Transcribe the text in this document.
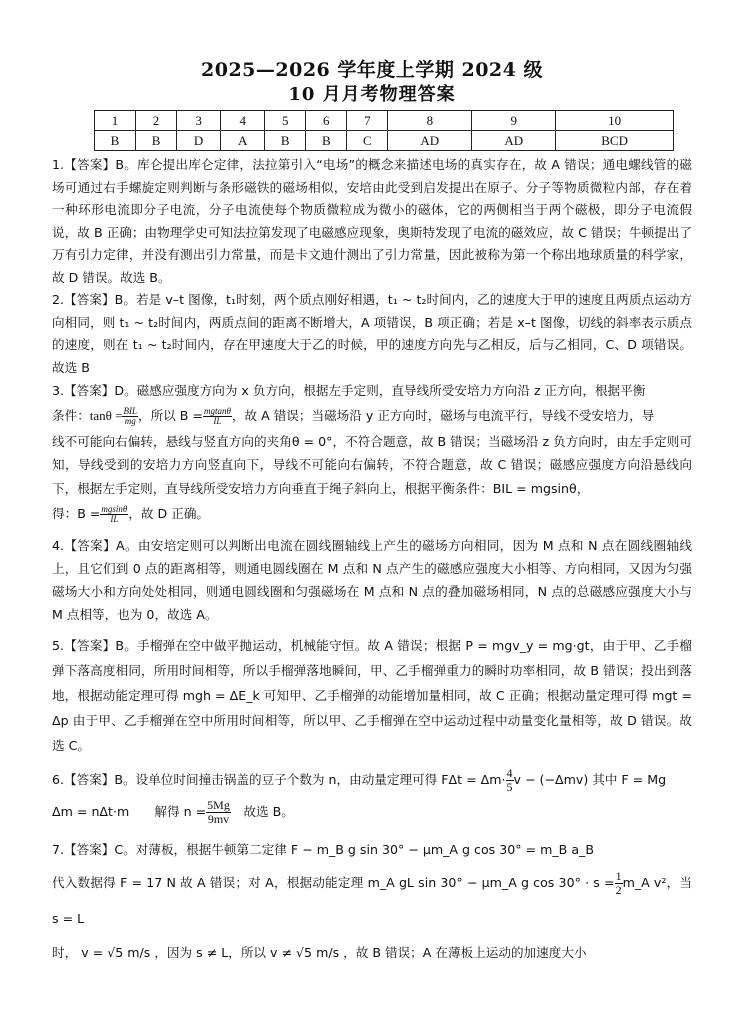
2025—2026 学年度上学期 2024 级

10 月月考物理答案

1	2	3	4	5	6	7	8	9	10
B	B	D	A	B	B	C	AD	AD	BCD

1.【答案】B。库仑提出库仑定律，法拉第引入“电场”的概念来描述电场的真实存在，故 A 错误；通电螺线管的磁场可通过右手螺旋定则判断与条形磁铁的磁场相似，安培由此受到启发提出在原子、分子等物质微粒内部，存在着一种环形电流即分子电流，分子电流使每个物质微粒成为微小的磁体，它的两侧相当于两个磁极，即分子电流假说，故 B 正确；由物理学史可知法拉第发现了电磁感应现象，奥斯特发现了电流的磁效应，故 C 错误；牛顿提出了万有引力定律，并没有测出引力常量，而是卡文迪什测出了引力常量，因此被称为第一个称出地球质量的科学家，故 D 错误。故选 B。

2.【答案】B。若是 v–t 图像，t₁时刻，两个质点刚好相遇，t₁ ~ t₂时间内，乙的速度大于甲的速度且两质点运动方向相同，则 t₁ ~ t₂时间内，两质点间的距离不断增大，A 项错误，B 项正确；若是 x–t 图像，切线的斜率表示质点的速度，则在 t₁ ~ t₂时间内，存在甲速度大于乙的时候，甲的速度方向先与乙相反，后与乙相同，C、D 项错误。故选 B

3.【答案】D。磁感应强度方向为 x 负方向，根据左手定则，直导线所受安培力方向沿 z 正方向，根据平衡

条件：$\tan\theta = \frac{\text{BIL}}{mg}$ ，所以 $B = \frac{mgtan\theta}{IL}$ ，故 A 错误；当磁场沿 y 正方向时，磁场与电流平行，导线不受安培力，导

线不可能向右偏转，悬线与竖直方向的夹角θ = 0°，不符合题意，故 B 错误；当磁场沿 z 负方向时，由左手定则可知，导线受到的安培力方向竖直向下，导线不可能向右偏转，不符合题意，故 C 错误；磁感应强度方向沿悬线向下，根据左手定则，直导线所受安培力方向垂直于绳子斜向上，根据平衡条件：BIL = mgsinθ，

得：$B = \frac{mgsin\theta}{IL}$ ，故 D 正确。

4.【答案】A。由安培定则可以判断出电流在圆线圈轴线上产生的磁场方向相同，因为 M 点和 N 点在圆线圈轴线上，且它们到 0 点的距离相等，则通电圆线圈在 M 点和 N 点产生的磁感应强度大小相等、方向相同，又因为匀强磁场大小和方向处处相同，则通电圆线圈和匀强磁场在 M 点和 N 点的叠加磁场相同，N 点的总磁感应强度大小与 M 点相等，也为 0，故选 A。

5.【答案】B。手榴弹在空中做平抛运动，机械能守恒。故 A 错误；根据 P = mgv_y = mg·gt，由于甲、乙手榴弹下落高度相同，所用时间相等，所以手榴弹落地瞬间，甲、乙手榴弹重力的瞬时功率相同，故 B 错误；投出到落地，根据动能定理可得 mgh = ΔE_k 可知甲、乙手榴弹的动能增加量相同，故 C 正确；根据动量定理可得 mgt = Δp 由于甲、乙手榴弹在空中所用时间相等，所以甲、乙手榴弹在空中运动过程中动量变化量相等，故 D 错误。故选 C。

6.【答案】B。设单位时间撞击锅盖的豆子个数为 n，由动量定理可得 $F\Delta t = \Delta m\cdot \frac{4}{5}$ v − (−Δmv) 其中 F = Mg

Δm = nΔt·m　　解得 $n = \frac{5Mg}{9mv}$ 　故选 B。

7.【答案】C。对薄板，根据牛顿第二定律 F − m_B g sin 30° − μm_A g cos 30° = m_B a_B

代入数据得 F = 17 N 故 A 错误；对 A，根据动能定理 m_A gL sin 30° − μm_A g $\cos 30^\circ \cdot s = \frac{1}{2}$ m_A v²，当 s = L

时， v = √5 m/s ，因为 s ≠ L，所以 v ≠ √5 m/s ，故 B 错误；A 在薄板上运动的加速度大小
